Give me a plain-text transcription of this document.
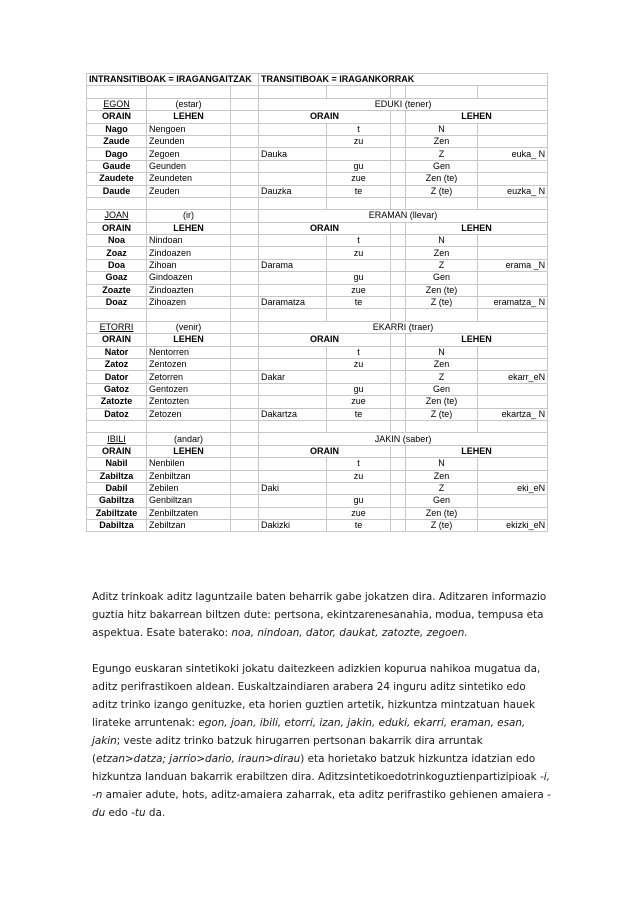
INTRANSITIBOAK = IRAGANGAITZAK			TRANSITIBOAK = IRAGANKORRAK				

EGON	(estar)		EDUKI (tener)				
ORAIN	LEHEN		ORAIN			LEHEN	
Nago	Nengoen			t		N	
Zaude	Zeunden			zu		Zen	
Dago	Zegoen		Dauka			Z	euka_ N
Gaude	Geunden			gu		Gen	
Zaudete	Zeundeten			zue		Zen (te)	
Daude	Zeuden		Dauzka	te		Z (te)	euzka_ N

JOAN	(ir)		ERAMAN (llevar)				
ORAIN	LEHEN		ORAIN			LEHEN	
Noa	Nindoan			t		N	
Zoaz	Zindoazen			zu		Zen	
Doa	Zihoan		Darama			Z	erama _N
Goaz	Gindoazen			gu		Gen	
Zoazte	Zindoazten			zue		Zen (te)	
Doaz	Zihoazen		Daramatza	te		Z (te)	eramatza_ N

ETORRI	(venir)		EKARRI (traer)				
ORAIN	LEHEN		ORAIN			LEHEN	
Nator	Nentorren			t		N	
Zatoz	Zentozen			zu		Zen	
Dator	Zetorren		Dakar			Z	ekarr_eN
Gatoz	Gentozen			gu		Gen	
Zatozte	Zentozten			zue		Zen (te)	
Datoz	Zetozen		Dakartza	te		Z (te)	ekartza_ N

IBILI	(andar)		JAKIN (saber)				
ORAIN	LEHEN		ORAIN			LEHEN	
Nabil	Nenbilen			t		N	
Zabiltza	Zenbiltzan			zu		Zen	
Dabil	Zebilen		Daki			Z	eki_eN
Gabiltza	Genbiltzan			gu		Gen	
Zabiltzate	Zenbiltzaten			zue		Zen (te)	
Dabiltza	Zebiltzan		Dakizki	te		Z (te)	ekizki_eN

Aditz trinkoak aditz laguntzaile baten beharrik gabe jokatzen dira. Aditzaren informazio guztia hitz bakarrean biltzen dute: pertsona, ekintzarenesanahia, modua, tempusa eta aspektua. Esate baterako: noa, nindoan, dator, daukat, zatozte, zegoen.

Egungo euskaran sintetikoki jokatu daitezkeen adizkien kopurua nahikoa mugatua da, aditz perifrastikoen aldean. Euskaltzaindiaren arabera 24 inguru aditz sintetiko edo aditz trinko izango genituzke, eta horien guztien artetik, hizkuntza mintzatuan hauek lirateke arruntenak: egon, joan, ibili, etorri, izan, jakin, eduki, ekarri, eraman, esan, jakin; veste aditz trinko batzuk hirugarren pertsonan bakarrik dira arruntak (etzan>datza; jarrio>dario, iraun>dirau) eta horietako batzuk hizkuntza idatzian edo hizkuntza landuan bakarrik erabiltzen dira. Aditzsintetikoedotrinkoguztienpartizipioak -i, -n amaier adute, hots, aditz-amaiera zaharrak, eta aditz perifrastiko gehienen amaiera -du edo -tu da.
